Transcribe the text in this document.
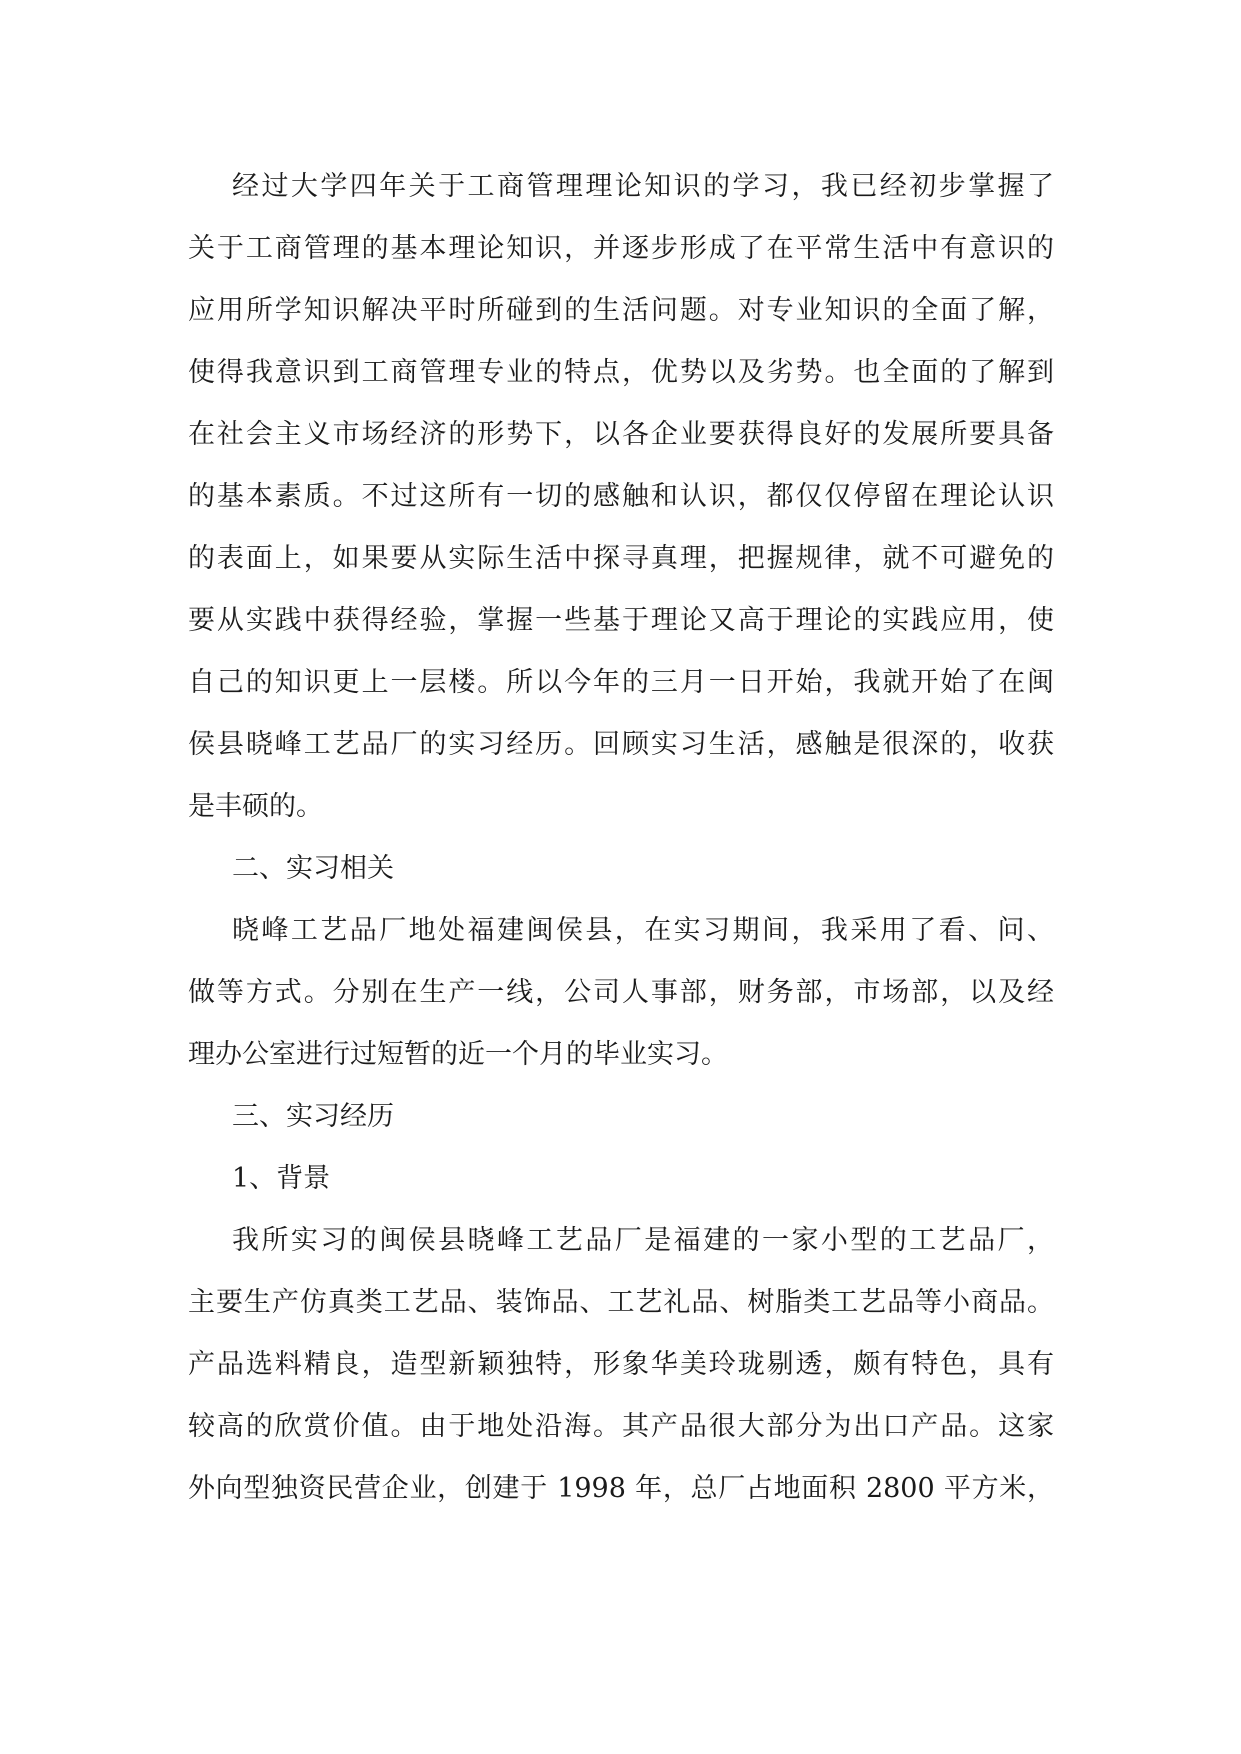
经过大学四年关于工商管理理论知识的学习，我已经初步掌握了
关于工商管理的基本理论知识，并逐步形成了在平常生活中有意识的
应用所学知识解决平时所碰到的生活问题。对专业知识的全面了解，
使得我意识到工商管理专业的特点，优势以及劣势。也全面的了解到
在社会主义市场经济的形势下，以各企业要获得良好的发展所要具备
的基本素质。不过这所有一切的感触和认识，都仅仅停留在理论认识
的表面上，如果要从实际生活中探寻真理，把握规律，就不可避免的
要从实践中获得经验，掌握一些基于理论又高于理论的实践应用，使
自己的知识更上一层楼。所以今年的三月一日开始，我就开始了在闽
侯县晓峰工艺品厂的实习经历。回顾实习生活，感触是很深的，收获
是丰硕的。
二、实习相关
晓峰工艺品厂地处福建闽侯县，在实习期间，我采用了看、问、
做等方式。分别在生产一线，公司人事部，财务部，市场部，以及经
理办公室进行过短暂的近一个月的毕业实习。
三、实习经历
1、背景
我所实习的闽侯县晓峰工艺品厂是福建的一家小型的工艺品厂，
主要生产仿真类工艺品、装饰品、工艺礼品、树脂类工艺品等小商品。
产品选料精良，造型新颖独特，形象华美玲珑剔透，颇有特色，具有
较高的欣赏价值。由于地处沿海。其产品很大部分为出口产品。这家
外向型独资民营企业，创建于 1998 年，总厂占地面积 2800 平方米，
